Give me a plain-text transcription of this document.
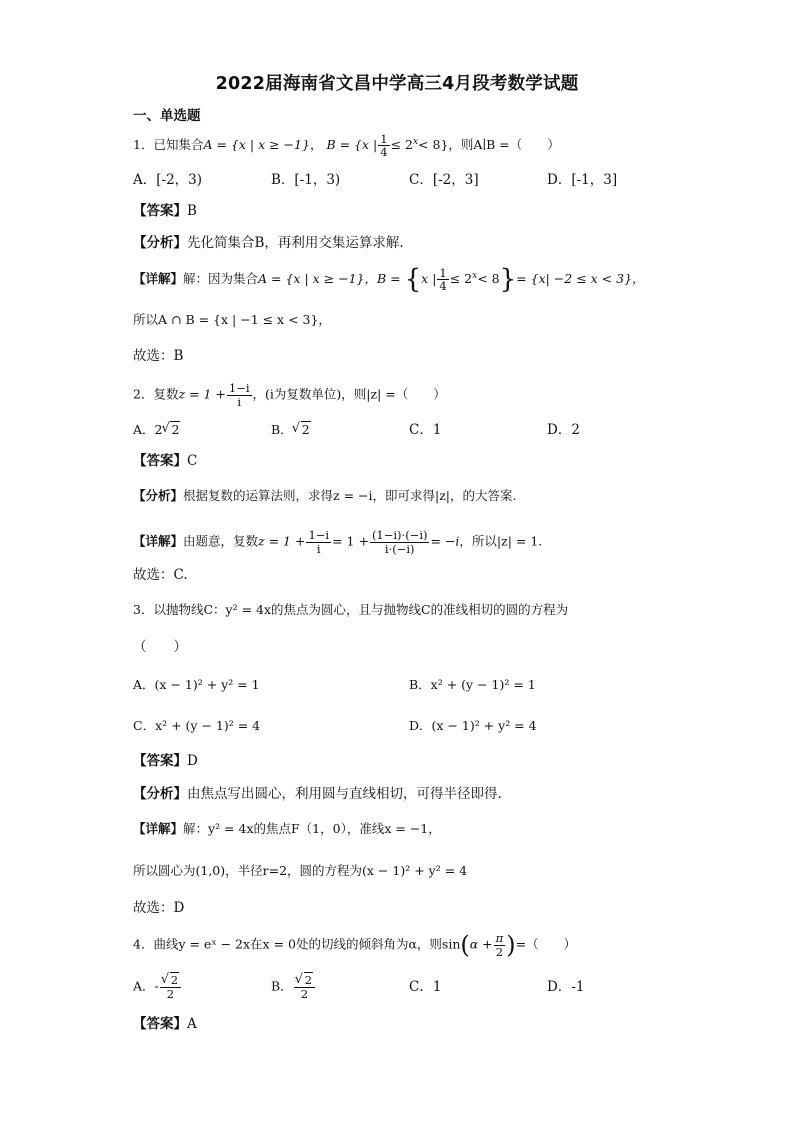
2022届海南省文昌中学高三4月段考数学试题
一、单选题
1．已知集合A = {x | x ≥ −1}， B = {x | $\frac{1}{4} \le 2^x< 8$}，则A∣B =（　　）
A．[-2，3)	B．[-1，3)	C．[-2，3]	D．[-1，3]
【答案】B
【分析】先化简集合B，再利用交集运算求解.
【详解】解：因为集合A = {x | x ≥ −1}，B = {x | $\frac{1}{4} \le 2^x< 8\}= \{x| -2 \le x < 3\}$，
所以A ∩ B = {x | −1 ≤ x < 3}，
故选：B
2．复数$z = 1 + \frac{1-i}{i}$ ，(i为复数单位)，则|z| =（　　）
A．2 √ 2	B． √ 2	C．1	D．2
【答案】C
【分析】根据复数的运算法则，求得z = −i，即可求得|z|，的大答案.
【详解】由题意，复数$z = 1 + \frac{1-i}{i} = 1 + \frac{(1-i)\cdot(-i)}{i\cdot(-i)} = -i$，所以|z| = 1.
故选：C.
3．以抛物线C：y² = 4x的焦点为圆心，且与抛物线C的准线相切的圆的方程为
（　　）
A．(x − 1)² + y² = 1	B．x² + (y − 1)² = 1
C．x² + (y − 1)² = 4	D．(x − 1)² + y² = 4
【答案】D
【分析】由焦点写出圆心，利用圆与直线相切，可得半径即得.
【详解】解：y² = 4x的焦点F（1，0），准线x = −1，
所以圆心为(1,0)，半径r=2，圆的方程为(x − 1)² + y² = 4
故选：D
4．曲线y = eˣ − 2x在x = 0处的切线的倾斜角为α，则$\sin(\alpha + \frac{\pi}{2}$ )=（　　）
A．- √ $\frac{2}{2}$	B． √ $\frac{2}{2}$	C．1	D．-1
【答案】A
